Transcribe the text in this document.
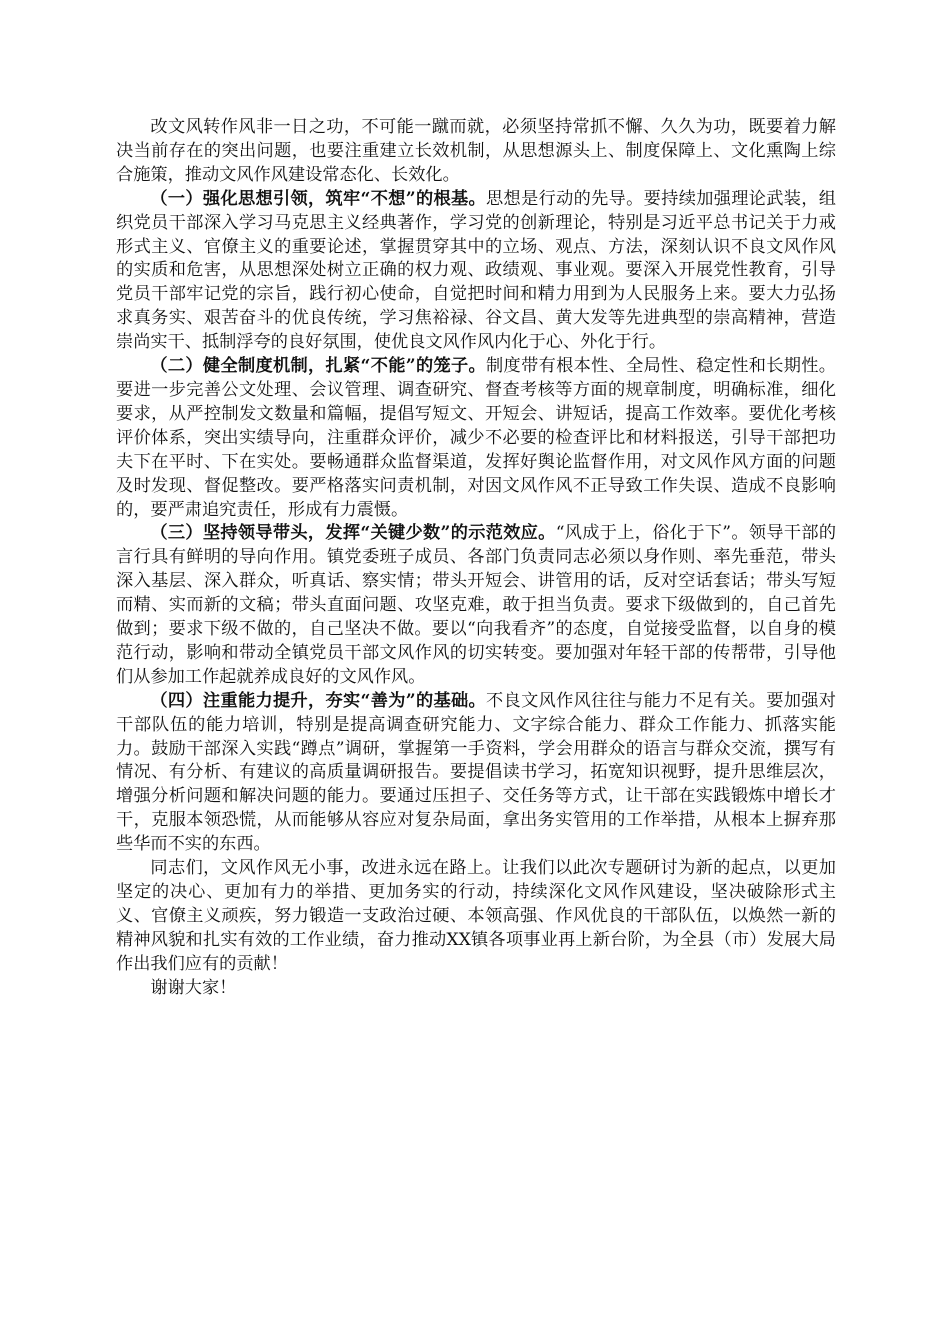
改文风转作风非一日之功，不可能一蹴而就，必须坚持常抓不懈、久久为功，既要着力解决当前存在的突出问题，也要注重建立长效机制，从思想源头上、制度保障上、文化熏陶上综合施策，推动文风作风建设常态化、长效化。

（一）强化思想引领，筑牢“不想”的根基。思想是行动的先导。要持续加强理论武装，组织党员干部深入学习马克思主义经典著作，学习党的创新理论，特别是习近平总书记关于力戒形式主义、官僚主义的重要论述，掌握贯穿其中的立场、观点、方法，深刻认识不良文风作风的实质和危害，从思想深处树立正确的权力观、政绩观、事业观。要深入开展党性教育，引导党员干部牢记党的宗旨，践行初心使命，自觉把时间和精力用到为人民服务上来。要大力弘扬求真务实、艰苦奋斗的优良传统，学习焦裕禄、谷文昌、黄大发等先进典型的崇高精神，营造崇尚实干、抵制浮夸的良好氛围，使优良文风作风内化于心、外化于行。

（二）健全制度机制，扎紧“不能”的笼子。制度带有根本性、全局性、稳定性和长期性。要进一步完善公文处理、会议管理、调查研究、督查考核等方面的规章制度，明确标准，细化要求，从严控制发文数量和篇幅，提倡写短文、开短会、讲短话，提高工作效率。要优化考核评价体系，突出实绩导向，注重群众评价，减少不必要的检查评比和材料报送，引导干部把功夫下在平时、下在实处。要畅通群众监督渠道，发挥好舆论监督作用，对文风作风方面的问题及时发现、督促整改。要严格落实问责机制，对因文风作风不正导致工作失误、造成不良影响的，要严肃追究责任，形成有力震慑。

（三）坚持领导带头，发挥“关键少数”的示范效应。“风成于上，俗化于下”。领导干部的言行具有鲜明的导向作用。镇党委班子成员、各部门负责同志必须以身作则、率先垂范，带头深入基层、深入群众，听真话、察实情；带头开短会、讲管用的话，反对空话套话；带头写短而精、实而新的文稿；带头直面问题、攻坚克难，敢于担当负责。要求下级做到的，自己首先做到；要求下级不做的，自己坚决不做。要以“向我看齐”的态度，自觉接受监督，以自身的模范行动，影响和带动全镇党员干部文风作风的切实转变。要加强对年轻干部的传帮带，引导他们从参加工作起就养成良好的文风作风。

（四）注重能力提升，夯实“善为”的基础。不良文风作风往往与能力不足有关。要加强对干部队伍的能力培训，特别是提高调查研究能力、文字综合能力、群众工作能力、抓落实能力。鼓励干部深入实践“蹲点”调研，掌握第一手资料，学会用群众的语言与群众交流，撰写有情况、有分析、有建议的高质量调研报告。要提倡读书学习，拓宽知识视野，提升思维层次，增强分析问题和解决问题的能力。要通过压担子、交任务等方式，让干部在实践锻炼中增长才干，克服本领恐慌，从而能够从容应对复杂局面，拿出务实管用的工作举措，从根本上摒弃那些华而不实的东西。

同志们，文风作风无小事，改进永远在路上。让我们以此次专题研讨为新的起点，以更加坚定的决心、更加有力的举措、更加务实的行动，持续深化文风作风建设，坚决破除形式主义、官僚主义顽疾，努力锻造一支政治过硬、本领高强、作风优良的干部队伍，以焕然一新的精神风貌和扎实有效的工作业绩，奋力推动XX镇各项事业再上新台阶，为全县（市）发展大局作出我们应有的贡献！

谢谢大家！
